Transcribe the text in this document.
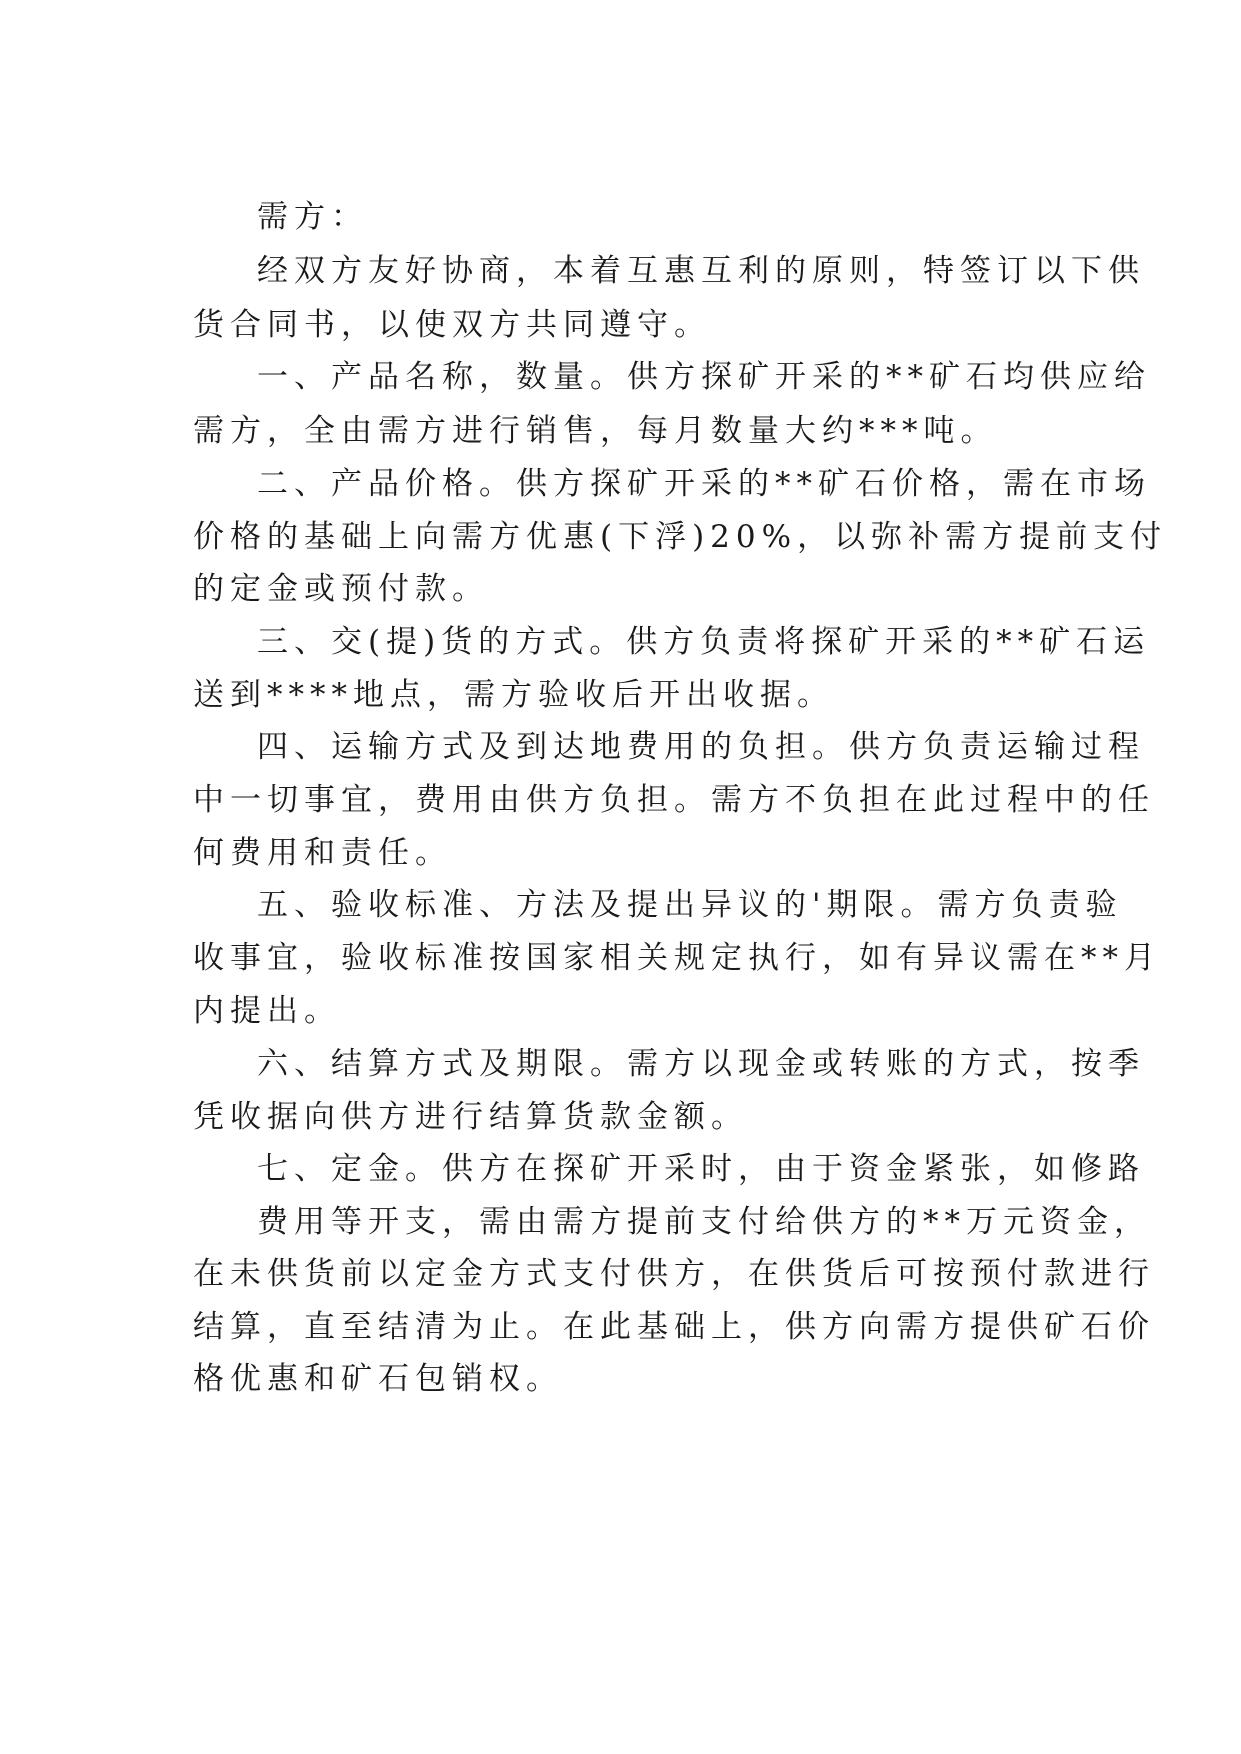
需方：

经双方友好协商，本着互惠互利的原则，特签订以下供

货合同书，以使双方共同遵守。

一、产品名称，数量。供方探矿开采的**矿石均供应给

需方，全由需方进行销售，每月数量大约***吨。

二、产品价格。供方探矿开采的**矿石价格，需在市场

价格的基础上向需方优惠(下浮)20%，以弥补需方提前支付

的定金或预付款。

三、交(提)货的方式。供方负责将探矿开采的**矿石运

送到****地点，需方验收后开出收据。

四、运输方式及到达地费用的负担。供方负责运输过程

中一切事宜，费用由供方负担。需方不负担在此过程中的任

何费用和责任。

五、验收标准、方法及提出异议的'期限。需方负责验

收事宜，验收标准按国家相关规定执行，如有异议需在**月

内提出。

六、结算方式及期限。需方以现金或转账的方式，按季

凭收据向供方进行结算货款金额。

七、定金。供方在探矿开采时，由于资金紧张，如修路

费用等开支，需由需方提前支付给供方的**万元资金，

在未供货前以定金方式支付供方，在供货后可按预付款进行

结算，直至结清为止。在此基础上，供方向需方提供矿石价

格优惠和矿石包销权。
